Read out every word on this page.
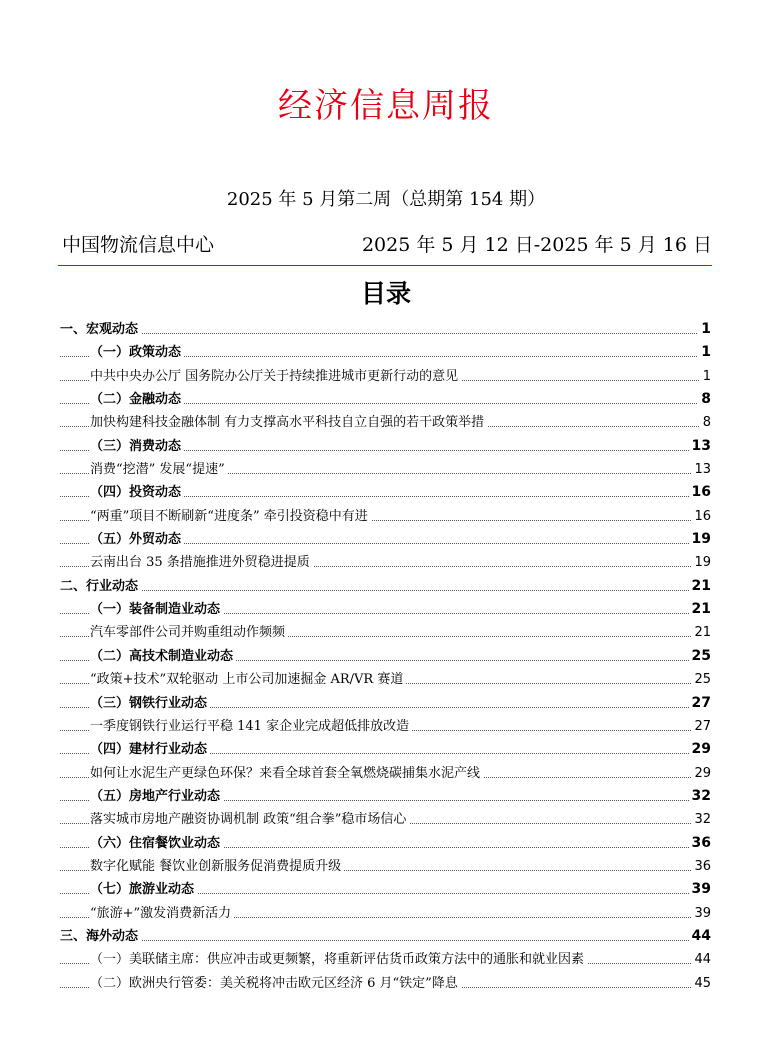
经济信息周报
2025 年 5 月第二周（总期第 154 期）
中国物流信息中心	2025 年 5 月 12 日-2025 年 5 月 16 日
目录
一、宏观动态	1
（一）政策动态	1
中共中央办公厅 国务院办公厅关于持续推进城市更新行动的意见	1
（二）金融动态	8
加快构建科技金融体制 有力支撑高水平科技自立自强的若干政策举措	8
（三）消费动态	13
消费“挖潜” 发展“提速”	13
（四）投资动态	16
“两重”项目不断刷新“进度条” 牵引投资稳中有进	16
（五）外贸动态	19
云南出台 35 条措施推进外贸稳进提质	19
二、行业动态	21
（一）装备制造业动态	21
汽车零部件公司并购重组动作频频	21
（二）高技术制造业动态	25
“政策+技术”双轮驱动 上市公司加速掘金 AR/VR 赛道	25
（三）钢铁行业动态	27
一季度钢铁行业运行平稳 141 家企业完成超低排放改造	27
（四）建材行业动态	29
如何让水泥生产更绿色环保？来看全球首套全氧燃烧碳捕集水泥产线	29
（五）房地产行业动态	32
落实城市房地产融资协调机制 政策“组合拳”稳市场信心	32
（六）住宿餐饮业动态	36
数字化赋能 餐饮业创新服务促消费提质升级	36
（七）旅游业动态	39
“旅游+”激发消费新活力	39
三、海外动态	44
（一）美联储主席：供应冲击或更频繁，将重新评估货币政策方法中的通胀和就业因素	44
（二）欧洲央行管委：美关税将冲击欧元区经济 6 月“铁定”降息	45
